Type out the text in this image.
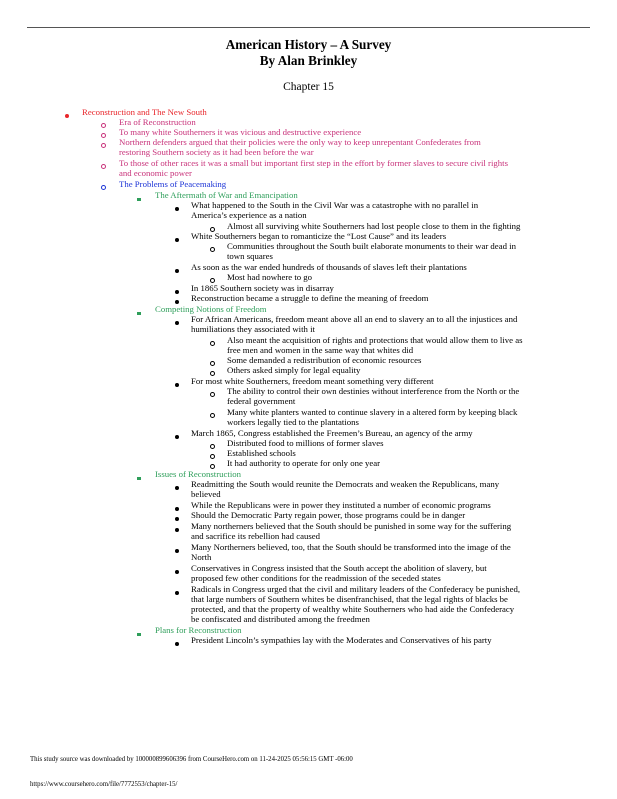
American History – A Survey
By Alan Brinkley
Chapter 15
Reconstruction and The New South
Era of Reconstruction
To many white Southerners it was vicious and destructive experience
Northern defenders argued that their policies were the only way to keep unrepentant Confederates from
restoring Southern society as it had been before the war
To those of other races it was a small but important first step in the effort by former slaves to secure civil rights
and economic power
The Problems of Peacemaking
The Aftermath of War and Emancipation
What happened to the South in the Civil War was a catastrophe with no parallel in
America’s experience as a nation
Almost all surviving white Southerners had lost people close to them in the fighting
White Southerners began to romanticize the “Lost Cause” and its leaders
Communities throughout the South built elaborate monuments to their war dead in
town squares
As soon as the war ended hundreds of thousands of slaves left their plantations
Most had nowhere to go
In 1865 Southern society was in disarray
Reconstruction became a struggle to define the meaning of freedom
Competing Notions of Freedom
For African Americans, freedom meant above all an end to slavery an to all the injustices and
humiliations they associated with it
Also meant the acquisition of rights and protections that would allow them to live as
free men and women in the same way that whites did
Some demanded a redistribution of economic resources
Others asked simply for legal equality
For most white Southerners, freedom meant something very different
The ability to control their own destinies without interference from the North or the
federal government
Many white planters wanted to continue slavery in a altered form by keeping black
workers legally tied to the plantations
March 1865, Congress established the Freemen’s Bureau, an agency of the army
Distributed food to millions of former slaves
Established schools
It had authority to operate for only one year
Issues of Reconstruction
Readmitting the South would reunite the Democrats and weaken the Republicans, many
believed
While the Republicans were in power they instituted a number of economic programs
Should the Democratic Party regain power, those programs could be in danger
Many northerners believed that the South should be punished in some way for the suffering
and sacrifice its rebellion had caused
Many Northerners believed, too, that the South should be transformed into the image of the
North
Conservatives in Congress insisted that the South accept the abolition of slavery, but
proposed few other conditions for the readmission of the seceded states
Radicals in Congress urged that the civil and military leaders of the Confederacy be punished,
that large numbers of Southern whites be disenfranchised, that the legal rights of blacks be
protected, and that the property of wealthy white Southerners who had aide the Confederacy
be confiscated and distributed among the freedmen
Plans for Reconstruction
President Lincoln’s sympathies lay with the Moderates and Conservatives of his party
This study source was downloaded by 100000899606396 from CourseHero.com on 11-24-2025 05:56:15 GMT -06:00
https://www.coursehero.com/file/7772553/chapter-15/
